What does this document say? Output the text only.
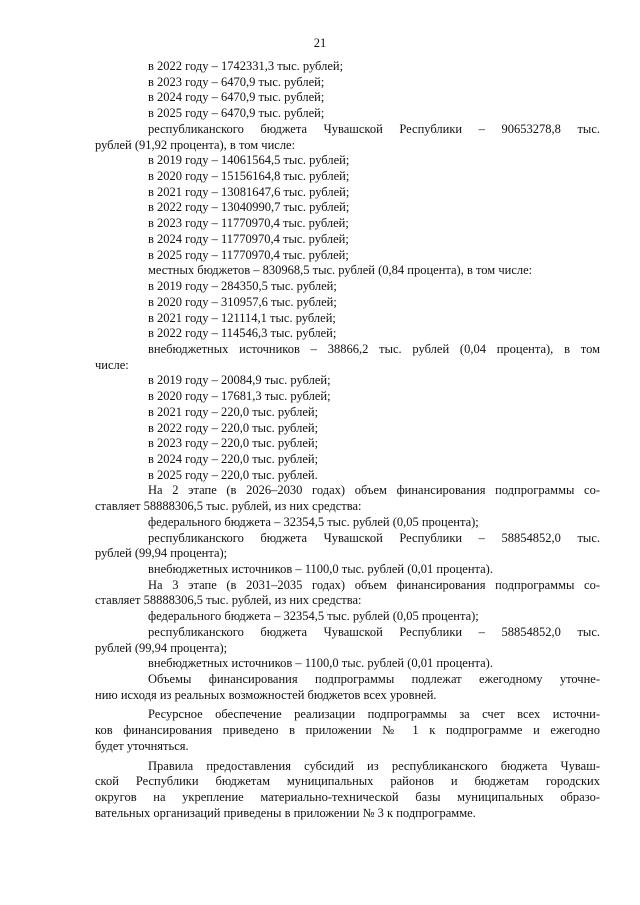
21
в 2022 году – 1742331,3 тыс. рублей;
в 2023 году – 6470,9 тыс. рублей;
в 2024 году – 6470,9 тыс. рублей;
в 2025 году – 6470,9 тыс. рублей;
республиканского бюджета Чувашской Республики – 90653278,8 тыс.
рублей (91,92 процента), в том числе:
в 2019 году – 14061564,5 тыс. рублей;
в 2020 году – 15156164,8 тыс. рублей;
в 2021 году – 13081647,6 тыс. рублей;
в 2022 году – 13040990,7 тыс. рублей;
в 2023 году – 11770970,4 тыс. рублей;
в 2024 году – 11770970,4 тыс. рублей;
в 2025 году – 11770970,4 тыс. рублей;
местных бюджетов – 830968,5 тыс. рублей (0,84 процента), в том числе:
в 2019 году – 284350,5 тыс. рублей;
в 2020 году – 310957,6 тыс. рублей;
в 2021 году – 121114,1 тыс. рублей;
в 2022 году – 114546,3 тыс. рублей;
внебюджетных источников – 38866,2 тыс. рублей (0,04 процента), в том
числе:
в 2019 году – 20084,9 тыс. рублей;
в 2020 году – 17681,3 тыс. рублей;
в 2021 году – 220,0 тыс. рублей;
в 2022 году – 220,0 тыс. рублей;
в 2023 году – 220,0 тыс. рублей;
в 2024 году – 220,0 тыс. рублей;
в 2025 году – 220,0 тыс. рублей.
На 2 этапе (в 2026–2030 годах) объем финансирования подпрограммы со-
ставляет 58888306,5 тыс. рублей, из них средства:
федерального бюджета – 32354,5 тыс. рублей (0,05 процента);
республиканского бюджета Чувашской Республики – 58854852,0 тыс.
рублей (99,94 процента);
внебюджетных источников – 1100,0 тыс. рублей (0,01 процента).
На 3 этапе (в 2031–2035 годах) объем финансирования подпрограммы со-
ставляет 58888306,5 тыс. рублей, из них средства:
федерального бюджета – 32354,5 тыс. рублей (0,05 процента);
республиканского бюджета Чувашской Республики – 58854852,0 тыс.
рублей (99,94 процента);
внебюджетных источников – 1100,0 тыс. рублей (0,01 процента).
Объемы финансирования подпрограммы подлежат ежегодному уточне-
нию исходя из реальных возможностей бюджетов всех уровней.
Ресурсное обеспечение реализации подпрограммы за счет всех источни-
ков финансирования приведено в приложении № 1 к подпрограмме и ежегодно
будет уточняться.
Правила предоставления субсидий из республиканского бюджета Чуваш-
ской Республики бюджетам муниципальных районов и бюджетам городских
округов на укрепление материально-технической базы муниципальных образо-
вательных организаций приведены в приложении № 3 к подпрограмме.
